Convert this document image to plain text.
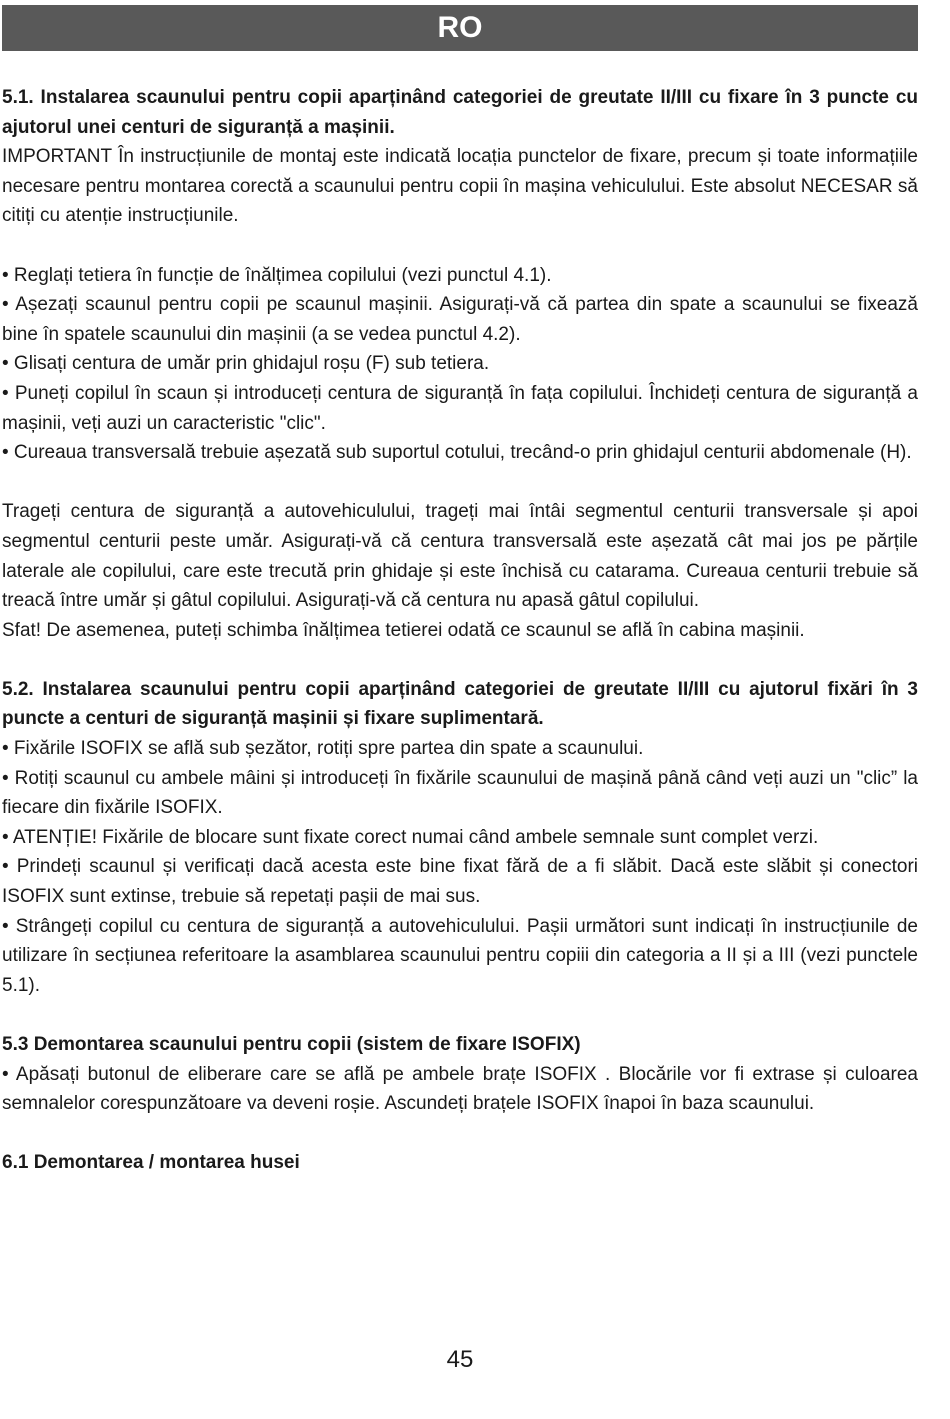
RO

5.1. Instalarea scaunului pentru copii aparținând categoriei de greutate II/III cu fixare în 3 puncte cu ajutorul unei centuri de siguranță a mașinii.

IMPORTANT În instrucțiunile de montaj este indicată locația punctelor de fixare, precum și toate informațiile necesare pentru montarea corectă a scaunului pentru copii în mașina vehiculului. Este absolut NECESAR să citiți cu atenție instrucțiunile.

• Reglați tetiera în funcție de înălțimea copilului (vezi punctul 4.1).

• Așezați scaunul pentru copii pe scaunul mașinii. Asigurați-vă că partea din spate a scaunului se fixează bine în spatele scaunului din mașinii (a se vedea punctul 4.2).

• Glisați centura de umăr prin ghidajul roșu (F) sub tetiera.

• Puneți copilul în scaun și introduceți centura de siguranță în fața copilului. Închideți centura de siguranță a mașinii, veți auzi un caracteristic "clic".

• Cureaua transversală trebuie așezată sub suportul cotului, trecând-o prin ghidajul centurii abdomenale (H).

Trageți centura de siguranță a autovehiculului, trageți mai întâi segmentul centurii transversale și apoi segmentul centurii peste umăr. Asigurați-vă că centura transversală este așezată cât mai jos pe părțile laterale ale copilului, care este trecută prin ghidaje și este închisă cu catarama. Cureaua centurii trebuie să treacă între umăr și gâtul copilului. Asigurați-vă că centura nu apasă gâtul copilului.

Sfat! De asemenea, puteți schimba înălțimea tetierei odată ce scaunul se află în cabina mașinii.

5.2. Instalarea scaunului pentru copii aparținând categoriei de greutate II/III cu ajutorul fixări în 3 puncte a centuri de siguranță mașinii și fixare suplimentară.

• Fixările ISOFIX se află sub șezător, rotiți spre partea din spate a scaunului.

• Rotiți scaunul cu ambele mâini și introduceți în fixările scaunului de mașină până când veți auzi un "clic” la fiecare din fixările ISOFIX.

• ATENȚIE! Fixările de blocare sunt fixate corect numai când ambele semnale sunt complet verzi.

• Prindeți scaunul și verificați dacă acesta este bine fixat fără de a fi slăbit. Dacă este slăbit și conectori ISOFIX sunt extinse, trebuie să repetați pașii de mai sus.

• Strângeți copilul cu centura de siguranță a autovehiculului. Pașii următori sunt indicați în instrucțiunile de utilizare în secțiunea referitoare la asamblarea scaunului pentru copiii din categoria a II și a III (vezi punctele 5.1).

5.3 Demontarea scaunului pentru copii (sistem de fixare ISOFIX)

• Apăsați butonul de eliberare care se află pe ambele brațe ISOFIX . Blocările vor fi extrase și culoarea semnalelor corespunzătoare va deveni roșie. Ascundeți brațele ISOFIX înapoi în baza scaunului.

6.1 Demontarea / montarea husei

45
